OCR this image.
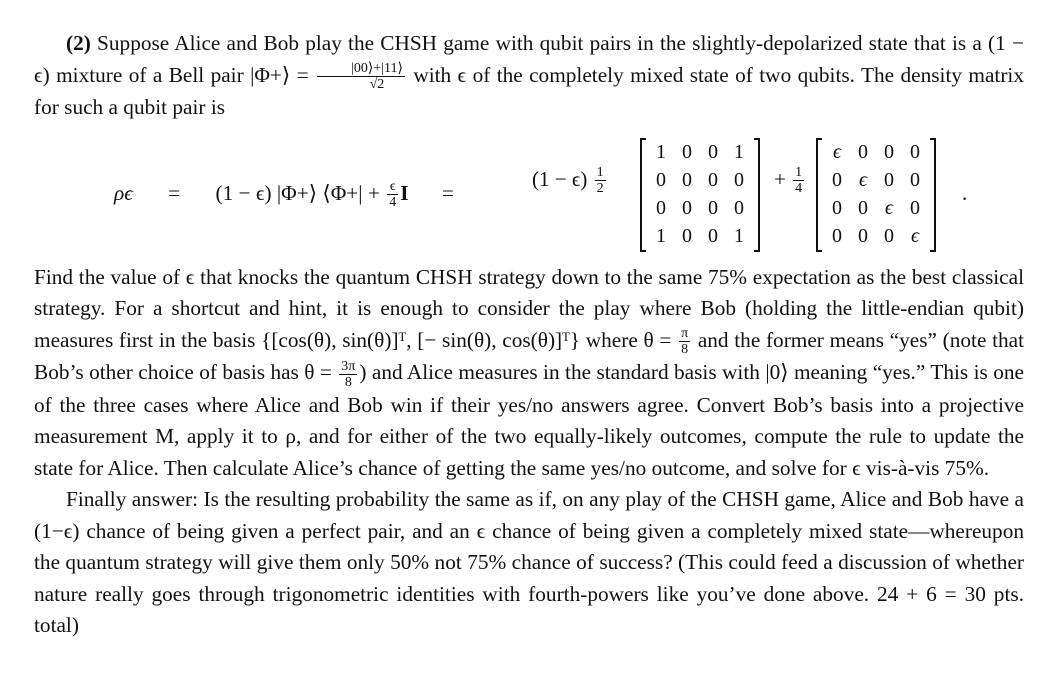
(2) Suppose Alice and Bob play the CHSH game with qubit pairs in the slightly-depolarized state that is a (1 − ϵ) mixture of a Bell pair |Φ+⟩ = $\frac{|00⟩+|11⟩}{√2}$ with ϵ of the completely mixed state of two qubits. The density matrix for such a qubit pair is

ρϵ = (1 − ϵ) |Φ+⟩ ⟨Φ+| + $\frac{\epsilon}{4}$ I =
$(1 - \epsilon) \frac{1}{2}$
1	0	0	1
0	0	0	0
0	0	0	0
1	0	0	1
+ $\frac{1}{4}$
ϵ	0	0	0
0	ϵ	0	0
0	0	ϵ	0
0	0	0	ϵ
.

Find the value of ϵ that knocks the quantum CHSH strategy down to the same 75% expectation as the best classical strategy. For a shortcut and hint, it is enough to consider the play where Bob (holding the little-endian qubit) measures first in the basis {[cos(θ), sin(θ)]ᵀ, [− sin(θ), cos(θ)]ᵀ} where $\theta = \frac{\pi}{8}$ and the former means “yes” (note that Bob’s other choice of basis has $\theta = \frac{3\pi}{8}$ ) and Alice measures in the standard basis with |0⟩ meaning “yes.” This is one of the three cases where Alice and Bob win if their yes/no answers agree. Convert Bob’s basis into a projective measurement M, apply it to ρ, and for either of the two equally-likely outcomes, compute the rule to update the state for Alice. Then calculate Alice’s chance of getting the same yes/no outcome, and solve for ϵ vis-à-vis 75%.

Finally answer: Is the resulting probability the same as if, on any play of the CHSH game, Alice and Bob have a (1−ϵ) chance of being given a perfect pair, and an ϵ chance of being given a completely mixed state—whereupon the quantum strategy will give them only 50% not 75% chance of success? (This could feed a discussion of whether nature really goes through trigonometric identities with fourth-powers like you’ve done above. 24 + 6 = 30 pts. total)
